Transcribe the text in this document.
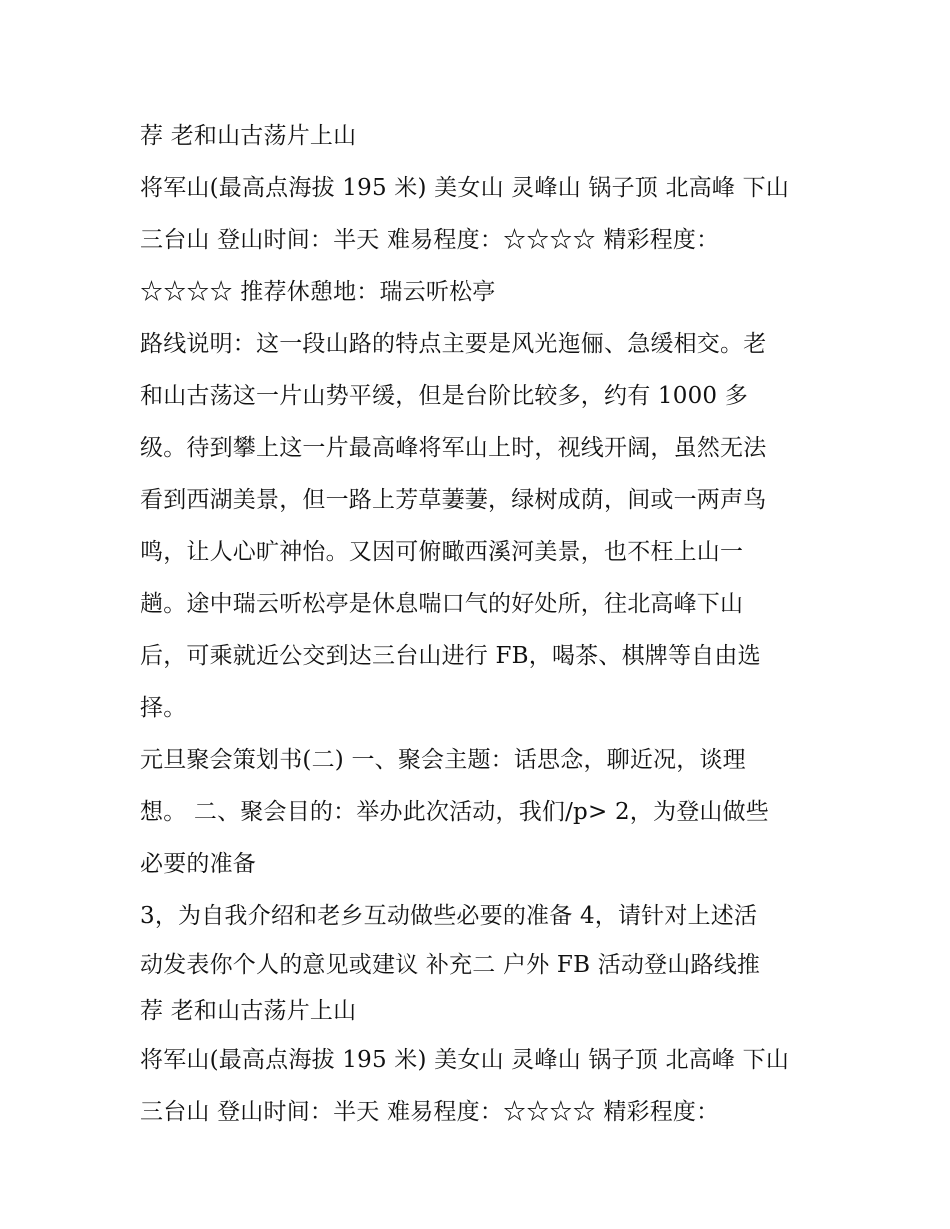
荐 老和山古荡片上山
将军山(最高点海拔 195 米) 美女山 灵峰山 锅子顶 北高峰 下山
三台山 登山时间：半天 难易程度：☆☆☆☆ 精彩程度：
☆☆☆☆ 推荐休憩地：瑞云听松亭
路线说明：这一段山路的特点主要是风光迤俪、急缓相交。老
和山古荡这一片山势平缓，但是台阶比较多，约有 1000 多
级。待到攀上这一片最高峰将军山上时，视线开阔，虽然无法
看到西湖美景，但一路上芳草萋萋，绿树成荫，间或一两声鸟
鸣，让人心旷神怡。又因可俯瞰西溪河美景，也不枉上山一
趟。途中瑞云听松亭是休息喘口气的好处所，往北高峰下山
后，可乘就近公交到达三台山进行 FB，喝茶、棋牌等自由选
择。
元旦聚会策划书(二) 一、聚会主题：话思念，聊近况，谈理
想。 二、聚会目的：举办此次活动，我们/p> 2，为登山做些
必要的准备
3，为自我介绍和老乡互动做些必要的准备 4，请针对上述活
动发表你个人的意见或建议 补充二 户外 FB 活动登山路线推
荐 老和山古荡片上山
将军山(最高点海拔 195 米) 美女山 灵峰山 锅子顶 北高峰 下山
三台山 登山时间：半天 难易程度：☆☆☆☆ 精彩程度：
